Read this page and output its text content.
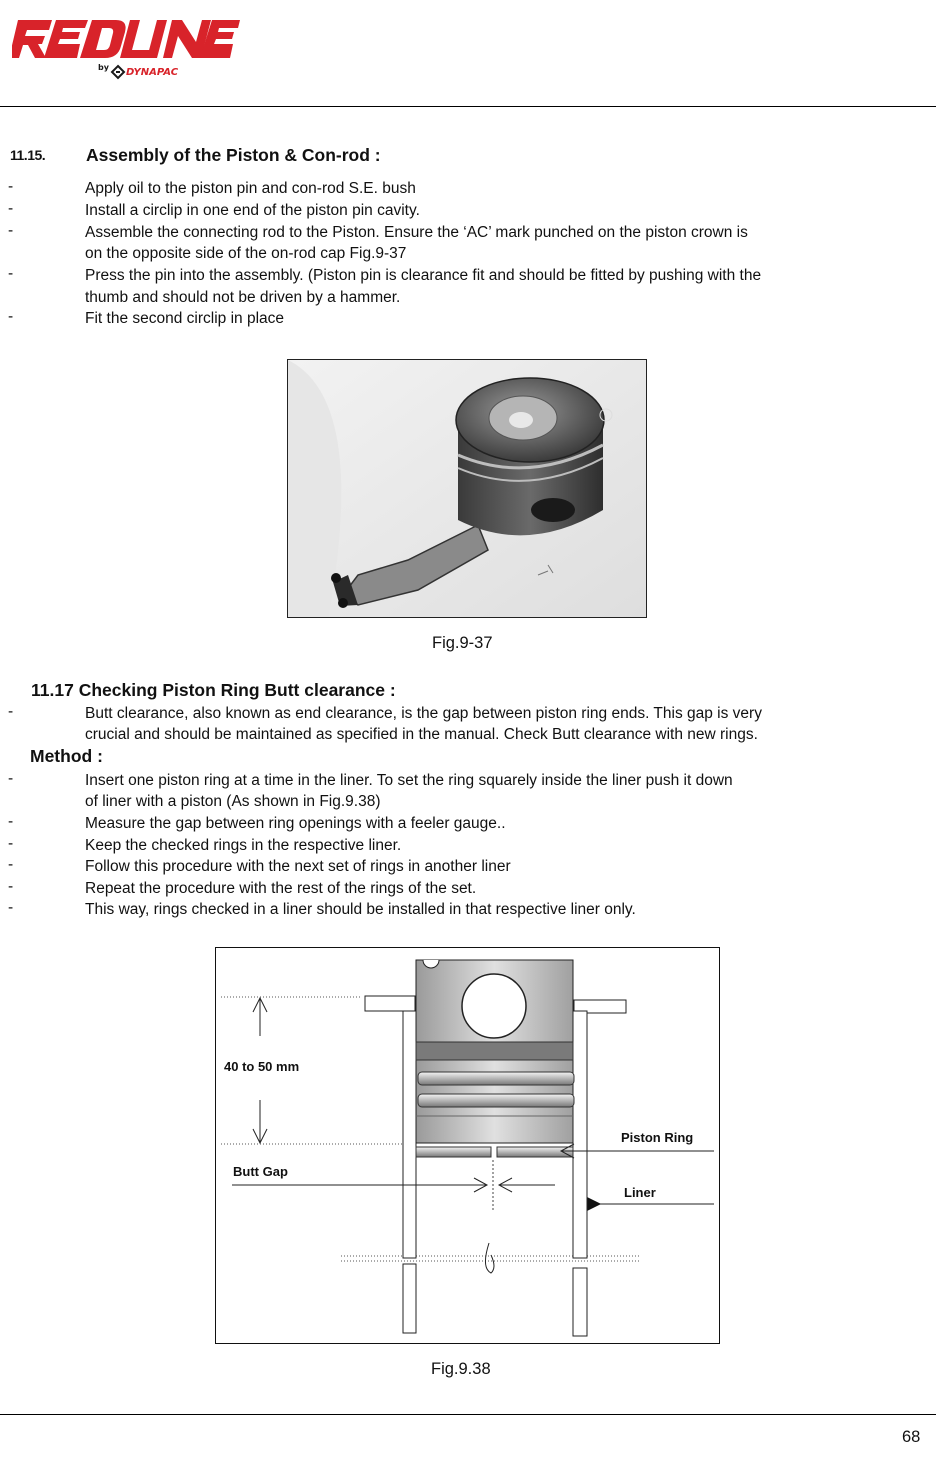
by DYNAPAC
11.15. Assembly of the Piston & Con-rod :
-	Apply oil to the piston pin and con-rod S.E. bush
-	Install a circlip in one end of the piston pin cavity.
-	Assemble the connecting rod to the Piston. Ensure the ‘AC’ mark punched on the piston crown is
on the opposite side of the on-rod cap Fig.9-37
-	Press the pin into the assembly. (Piston pin is clearance fit and should be fitted by pushing with the
thumb and should not be driven by a hammer.
-	Fit the second circlip in place
Fig.9-37
11.17 Checking Piston Ring Butt clearance :
-	Butt clearance, also known as end clearance, is the gap between piston ring ends. This gap is very
crucial and should be maintained as specified in the manual. Check Butt clearance with new rings.
Method :
-	Insert one piston ring at a time in the liner. To set the ring squarely inside the liner push it down
of liner with a piston (As shown in Fig.9.38)
-	Measure the gap between ring openings with a feeler gauge..
-	Keep the checked rings in the respective liner.
-	Follow this procedure with the next set of rings in another liner
-	Repeat the procedure with the rest of the rings of the set.
-	This way, rings checked in a liner should be installed in that respective liner only.
40 to 50 mm
Butt Gap
Piston Ring
Liner
Fig.9.38
68
